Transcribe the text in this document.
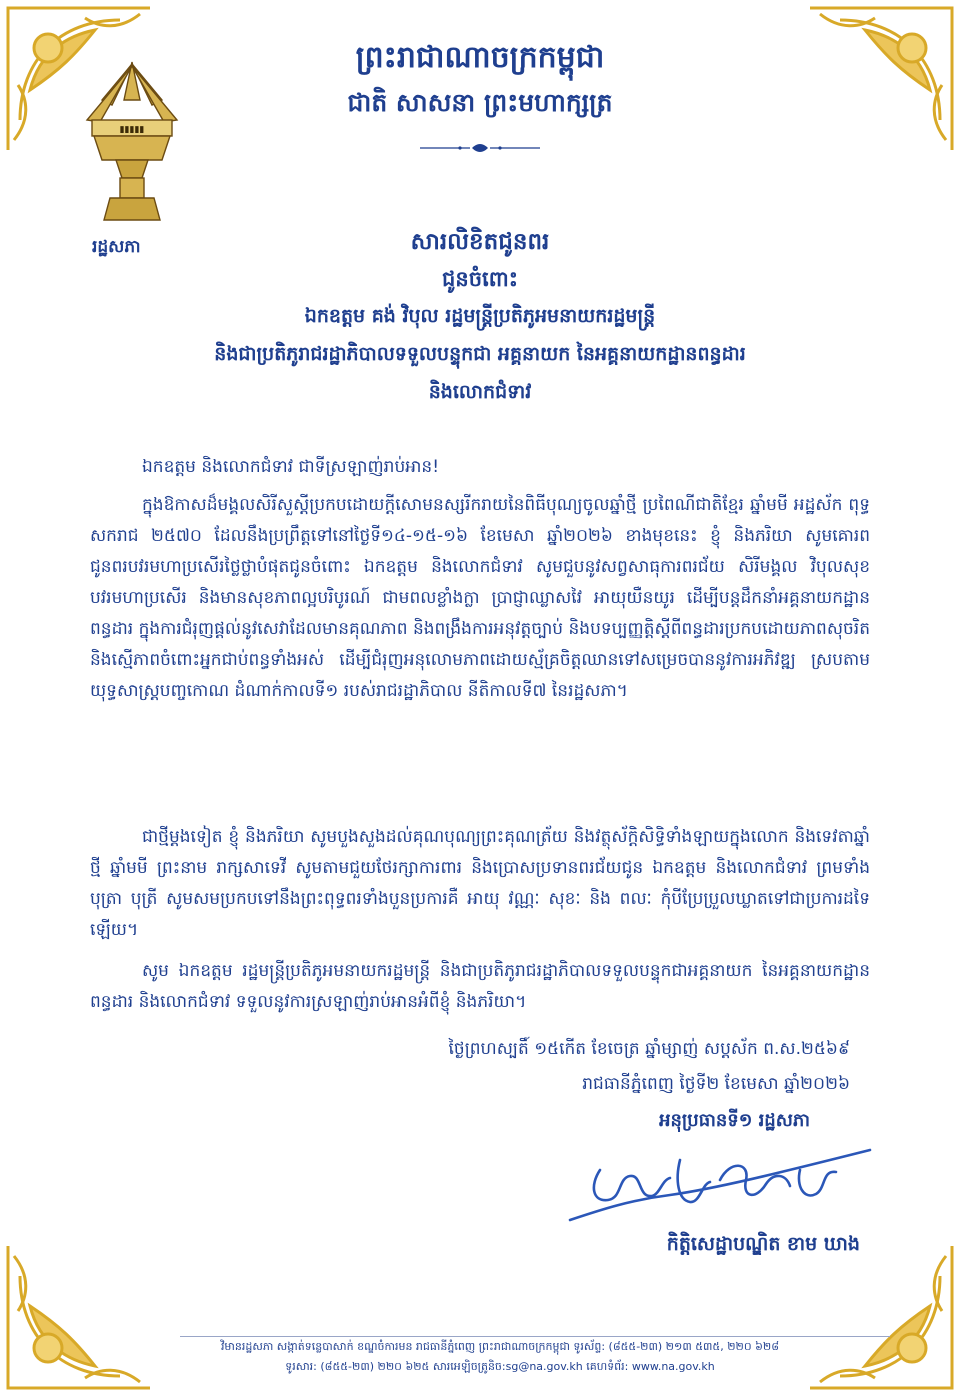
▮▮▮▮▮
រដ្ឋសភា
ព្រះរាជាណាចក្រកម្ពុជា
ជាតិ សាសនា ព្រះមហាក្សត្រ
សារលិខិតជូនពរ
ជូនចំពោះ
ឯកឧត្តម គង់ វិបុល រដ្ឋមន្ត្រីប្រតិភូអមនាយករដ្ឋមន្ត្រី
និងជាប្រតិភូរាជរដ្ឋាភិបាលទទួលបន្ទុកជា អគ្គនាយក នៃអគ្គនាយកដ្ឋានពន្ធដារ
និងលោកជំទាវ
ឯកឧត្តម និងលោកជំទាវ ជាទីស្រឡាញ់រាប់អាន!
ក្នុងឱកាសដ៏មង្គលសិរីសួស្តីប្រកបដោយក្តីសោមនស្សរីករាយនៃពិធីបុណ្យចូលឆ្នាំថ្មី ប្រពៃណីជាតិខ្មែរ ឆ្នាំមមី អដ្ឋស័ក ពុទ្ធសករាជ ២៥៧០ ដែលនឹងប្រព្រឹត្តទៅនៅថ្ងៃទី១៤-១៥-១៦ ខែមេសា ឆ្នាំ២០២៦ ខាងមុខនេះ ខ្ញុំ និងភរិយា សូមគោរពជូនពរបវរមហាប្រសើរថ្លៃថ្លាបំផុតជូនចំពោះ ឯកឧត្តម និងលោកជំទាវ សូមជួបនូវសព្វសាធុការពរជ័យ សិរីមង្គល វិបុលសុខ បវរមហាប្រសើរ និងមានសុខភាពល្អបរិបូរណ៍ ជាមពលខ្លាំងក្លា ប្រាជ្ញាឈ្លាសវៃ អាយុយឺនយូរ ដើម្បីបន្តដឹកនាំអគ្គនាយកដ្ឋានពន្ធដារ ក្នុងការជំរុញផ្តល់នូវសេវាដែលមានគុណភាព និងពង្រឹងការអនុវត្តច្បាប់ និងបទប្បញ្ញត្តិស្តីពីពន្ធដារប្រកបដោយភាពសុចរិត និងស្មើភាពចំពោះអ្នកជាប់ពន្ធទាំងអស់ ដើម្បីជំរុញអនុលោមភាពដោយស្ម័គ្រចិត្តឈានទៅសម្រេចបាននូវការអភិវឌ្ឍ ស្របតាមយុទ្ធសាស្ត្របញ្ចកោណ ដំណាក់កាលទី១ របស់រាជរដ្ឋាភិបាល នីតិកាលទី៧ នៃរដ្ឋសភា។
ជាថ្មីម្តងទៀត ខ្ញុំ និងភរិយា សូមបួងសួងដល់គុណបុណ្យព្រះគុណត្រ័យ និងវត្ថុស័ក្តិសិទ្ធិទាំងឡាយក្នុងលោក និងទេវតាឆ្នាំថ្មី ឆ្នាំមមី ព្រះនាម រាក្សសាទេវី សូមតាមជួយថែរក្សាការពារ និងប្រោសប្រទានពរជ័យជូន ឯកឧត្តម និងលោកជំទាវ ព្រមទាំង បុត្រា បុត្រី សូមសមប្រកបទៅនឹងព្រះពុទ្ធពរទាំងបួនប្រការគឺ អាយុ វណ្ណៈ សុខៈ និង ពលៈ កុំបីប្រែប្រួលឃ្លាតទៅជាប្រការដទៃឡើយ។
សូម ឯកឧត្តម រដ្ឋមន្ត្រីប្រតិភូអមនាយករដ្ឋមន្ត្រី និងជាប្រតិភូរាជរដ្ឋាភិបាលទទួលបន្ទុកជាអគ្គនាយក នៃអគ្គនាយកដ្ឋានពន្ធដារ និងលោកជំទាវ ទទួលនូវការស្រឡាញ់រាប់អានអំពីខ្ញុំ និងភរិយា។
ថ្ងៃព្រហស្បតិ៍ ១៥កើត ខែចេត្រ ឆ្នាំម្សាញ់ សប្តស័ក ព.ស.២៥៦៩
រាជធានីភ្នំពេញ ថ្ងៃទី២ ខែមេសា ឆ្នាំ២០២៦
អនុប្រធានទី១ រដ្ឋសភា
កិត្តិសេដ្ឋាបណ្ឌិត ខាម ឃាង
វិមានរដ្ឋសភា សង្កាត់ទន្លេបាសាក់ ខណ្ឌចំការមន រាជធានីភ្នំពេញ ព្រះរាជាណាចក្រកម្ពុជា ទូរស័ព្ទ: (៨៥៥-២៣) ២១៣ ៥៣៥, ២២០ ៦២៨
ទូរសារ: (៨៥៥-២៣) ២២០ ៦២៥ សារអេឡិចត្រូនិច:sg@na.gov.kh គេហទំព័រ: www.na.gov.kh
